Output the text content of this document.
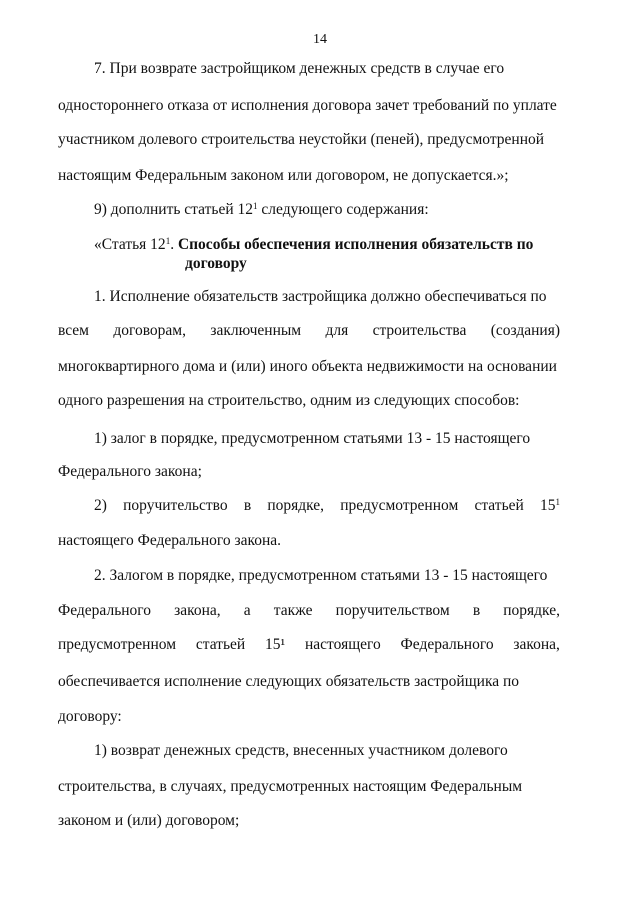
14
7. При возврате застройщиком денежных средств в случае его
одностороннего отказа от исполнения договора зачет требований по уплате
участником долевого строительства неустойки (пеней), предусмотренной
настоящим Федеральным законом или договором, не допускается.»;
9) дополнить статьей $12^1$ следующего содержания:
«Статья $12^1$. Способы обеспечения исполнения обязательств по
договору
1. Исполнение обязательств застройщика должно обеспечиваться по
всем договорам, заключенным для строительства (создания)
многоквартирного дома и (или) иного объекта недвижимости на основании
одного разрешения на строительство, одним из следующих способов:
1) залог в порядке, предусмотренном статьями 13 - 15 настоящего
Федерального закона;
2) поручительство в порядке, предусмотренном статьей $15^1$
настоящего Федерального закона.
2. Залогом в порядке, предусмотренном статьями 13 - 15 настоящего
Федерального закона, а также поручительством в порядке,
предусмотренном статьей 15¹ настоящего Федерального закона,
обеспечивается исполнение следующих обязательств застройщика по
договору:
1) возврат денежных средств, внесенных участником долевого
строительства, в случаях, предусмотренных настоящим Федеральным
законом и (или) договором;
